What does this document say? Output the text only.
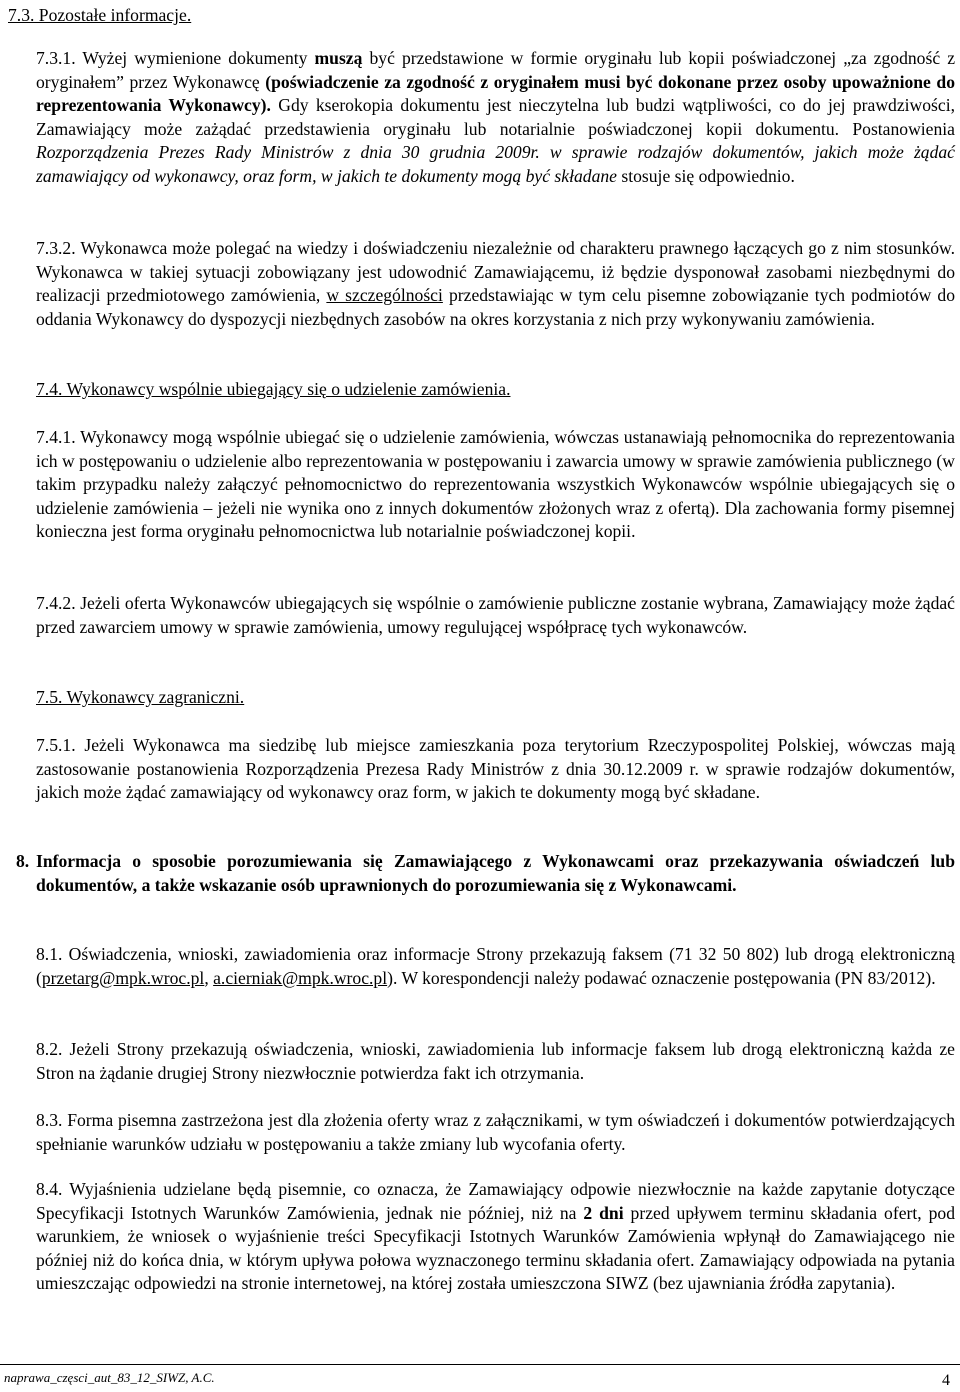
7.3. Pozostałe informacje.
7.3.1. Wyżej wymienione dokumenty muszą być przedstawione w formie oryginału lub kopii poświadczonej „za zgodność z oryginałem” przez Wykonawcę (poświadczenie za zgodność z oryginałem musi być dokonane przez osoby upoważnione do reprezentowania Wykonawcy). Gdy kserokopia dokumentu jest nieczytelna lub budzi wątpliwości, co do jej prawdziwości, Zamawiający może zażądać przedstawienia oryginału lub notarialnie poświadczonej kopii dokumentu. Postanowienia Rozporządzenia Prezes Rady Ministrów z dnia 30 grudnia 2009r. w sprawie rodzajów dokumentów, jakich może żądać zamawiający od wykonawcy, oraz form, w jakich te dokumenty mogą być składane stosuje się odpowiednio.
7.3.2. Wykonawca może polegać na wiedzy i doświadczeniu niezależnie od charakteru prawnego łączących go z nim stosunków. Wykonawca w takiej sytuacji zobowiązany jest udowodnić Zamawiającemu, iż będzie dysponował zasobami niezbędnymi do realizacji przedmiotowego zamówienia, w szczególności przedstawiając w tym celu pisemne zobowiązanie tych podmiotów do oddania Wykonawcy do dyspozycji niezbędnych zasobów na okres korzystania z nich przy wykonywaniu zamówienia.
7.4. Wykonawcy wspólnie ubiegający się o udzielenie zamówienia.
7.4.1. Wykonawcy mogą wspólnie ubiegać się o udzielenie zamówienia, wówczas ustanawiają pełnomocnika do reprezentowania ich w postępowaniu o udzielenie albo reprezentowania w postępowaniu i zawarcia umowy w sprawie zamówienia publicznego (w takim przypadku należy załączyć pełnomocnictwo do reprezentowania wszystkich Wykonawców wspólnie ubiegających się o udzielenie zamówienia – jeżeli nie wynika ono z innych dokumentów złożonych wraz z ofertą). Dla zachowania formy pisemnej konieczna jest forma oryginału pełnomocnictwa lub notarialnie poświadczonej kopii.
7.4.2. Jeżeli oferta Wykonawców ubiegających się wspólnie o zamówienie publiczne zostanie wybrana, Zamawiający może żądać przed zawarciem umowy w sprawie zamówienia, umowy regulującej współpracę tych wykonawców.
7.5. Wykonawcy zagraniczni.
7.5.1. Jeżeli Wykonawca ma siedzibę lub miejsce zamieszkania poza terytorium Rzeczypospolitej Polskiej, wówczas mają zastosowanie postanowienia Rozporządzenia Prezesa Rady Ministrów z dnia 30.12.2009 r. w sprawie rodzajów dokumentów, jakich może żądać zamawiający od wykonawcy oraz form, w jakich te dokumenty mogą być składane.
8. Informacja o sposobie porozumiewania się Zamawiającego z Wykonawcami oraz przekazywania oświadczeń lub dokumentów, a także wskazanie osób uprawnionych do porozumiewania się z Wykonawcami.
8.1. Oświadczenia, wnioski, zawiadomienia oraz informacje Strony przekazują faksem (71 32 50 802) lub drogą elektroniczną (przetarg@mpk.wroc.pl, a.cierniak@mpk.wroc.pl). W korespondencji należy podawać oznaczenie postępowania (PN 83/2012).
8.2. Jeżeli Strony przekazują oświadczenia, wnioski, zawiadomienia lub informacje faksem lub drogą elektroniczną każda ze Stron na żądanie drugiej Strony niezwłocznie potwierdza fakt ich otrzymania.
8.3. Forma pisemna zastrzeżona jest dla złożenia oferty wraz z załącznikami, w tym oświadczeń i dokumentów potwierdzających spełnianie warunków udziału w postępowaniu a także zmiany lub wycofania oferty.
8.4. Wyjaśnienia udzielane będą pisemnie, co oznacza, że Zamawiający odpowie niezwłocznie na każde zapytanie dotyczące Specyfikacji Istotnych Warunków Zamówienia, jednak nie później, niż na 2 dni przed upływem terminu składania ofert, pod warunkiem, że wniosek o wyjaśnienie treści Specyfikacji Istotnych Warunków Zamówienia wpłynął do Zamawiającego nie później niż do końca dnia, w którym upływa połowa wyznaczonego terminu składania ofert. Zamawiający odpowiada na pytania umieszczając odpowiedzi na stronie internetowej, na której została umieszczona SIWZ (bez ujawniania źródła zapytania).
naprawa_częsci_aut_83_12_SIWZ, A.C.	4
